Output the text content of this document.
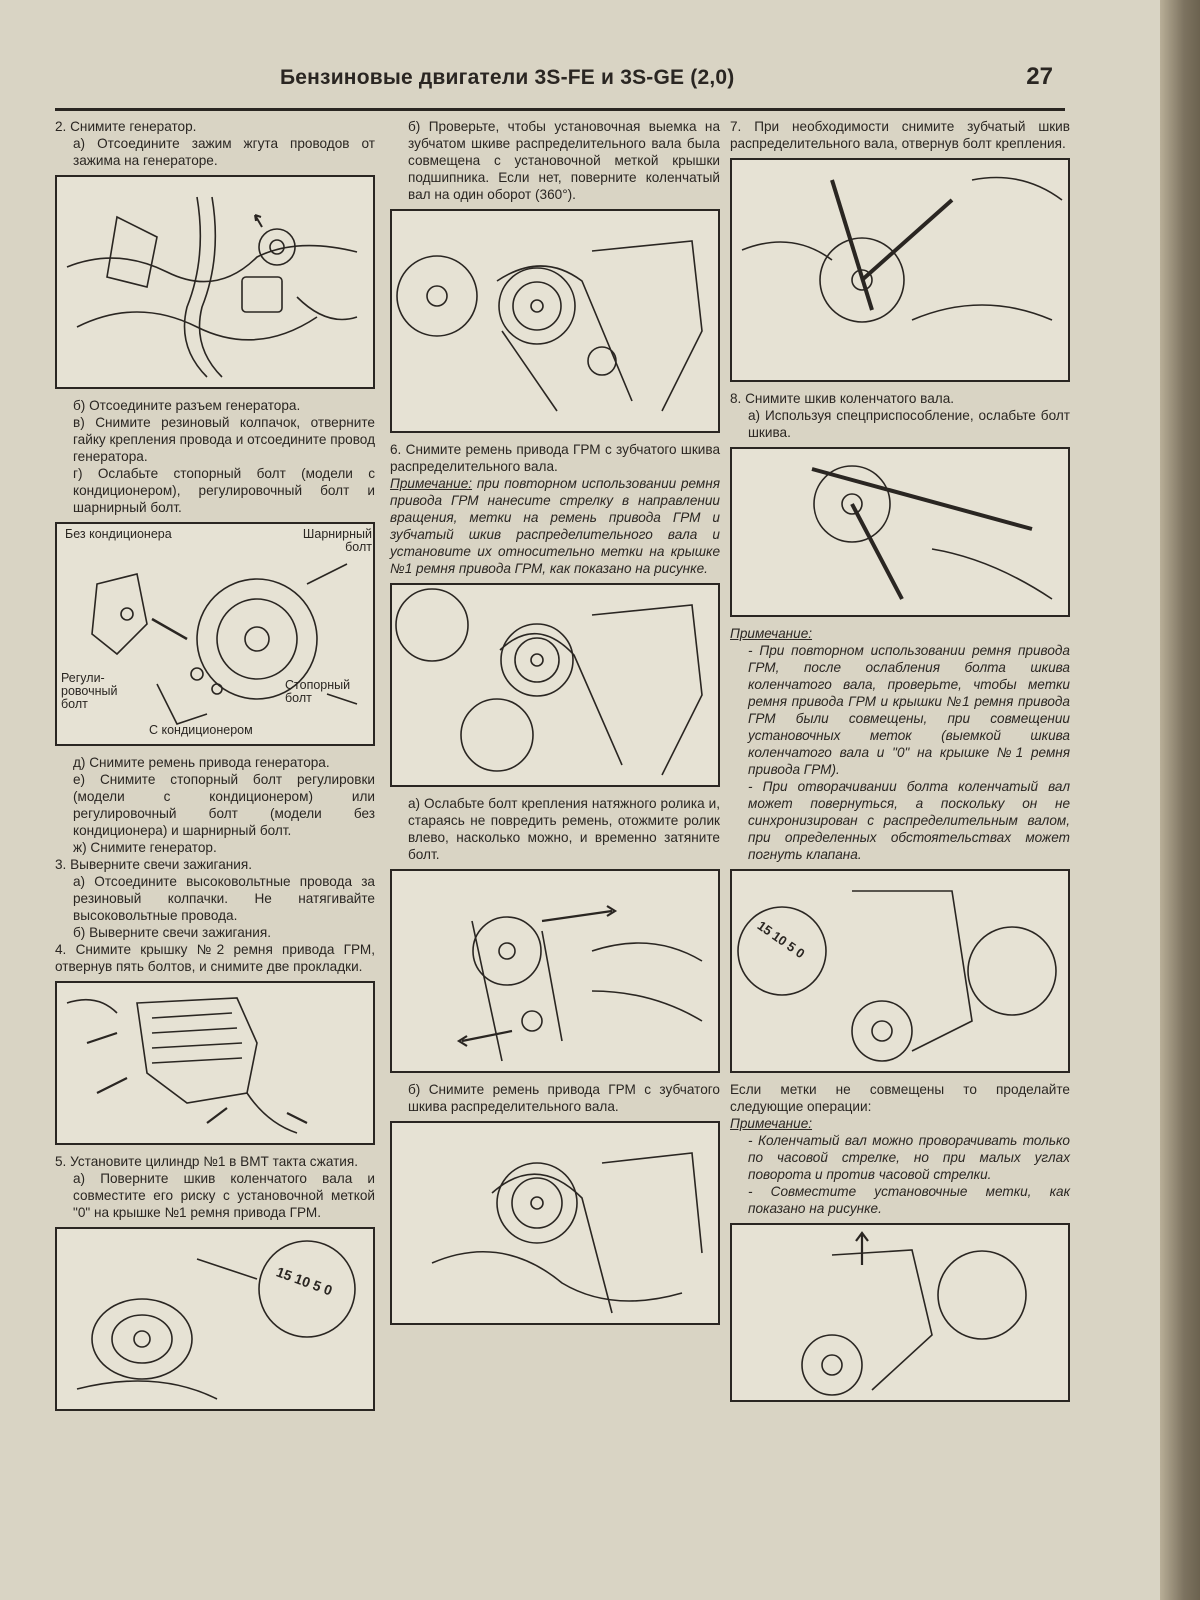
Бензиновые двигатели 3S-FE и 3S-GE (2,0)	27

2. Снимите генератор.

а) Отсоедините зажим жгута проводов от зажима на генераторе.

б) Отсоедините разъем генератора.

в) Снимите резиновый колпачок, отверните гайку крепления провода и отсоедините провод генератора.

г) Ослабьте стопорный болт (модели с кондиционером), регулировочный болт и шарнирный болт.

Без кондиционера	Шарнирный болт
Регули-ровочный болт
Стопорный болт
С кондиционером

д) Снимите ремень привода генератора.

е) Снимите стопорный болт регулировки (модели с кондиционером) или регулировочный болт (модели без кондиционера) и шарнирный болт.

ж) Снимите генератор.

3. Выверните свечи зажигания.

а) Отсоедините высоковольтные провода за резиновый колпачки. Не натягивайте высоковольтные провода.

б) Выверните свечи зажигания.

4. Снимите крышку №2 ремня привода ГРМ, отвернув пять болтов, и снимите две прокладки.

5. Установите цилиндр №1 в ВМТ такта сжатия.

а) Поверните шкив коленчатого вала и совместите его риску с установочной меткой "0" на крышке №1 ремня привода ГРМ.

15 10 5 0

б) Проверьте, чтобы установочная выемка на зубчатом шкиве распределительного вала была совмещена с установочной меткой крышки подшипника. Если нет, поверните коленчатый вал на один оборот (360°).

6. Снимите ремень привода ГРМ с зубчатого шкива распределительного вала.

Примечание: при повторном использовании ремня привода ГРМ нанесите стрелку в направлении вращения, метки на ремень привода ГРМ и зубчатый шкив распределительного вала и установите их относительно метки на крышке №1 ремня привода ГРМ, как показано на рисунке.

а) Ослабьте болт крепления натяжного ролика и, стараясь не повредить ремень, отожмите ролик влево, насколько можно, и временно затяните болт.

б) Снимите ремень привода ГРМ с зубчатого шкива распределительного вала.

7. При необходимости снимите зубчатый шкив распределительного вала, отвернув болт крепления.

8. Снимите шкив коленчатого вала.

а) Используя спецприспособление, ослабьте болт шкива.

Примечание:

- При повторном использовании ремня привода ГРМ, после ослабления болта шкива коленчатого вала, проверьте, чтобы метки ремня привода ГРМ и крышки №1 ремня привода ГРМ были совмещены, при совмещении установочных меток (выемкой шкива коленчатого вала и "0" на крышке №1 ремня привода ГРМ).

- При отворачивании болта коленчатый вал может повернуться, а поскольку он не синхронизирован с распределительным валом, при определенных обстоятельствах может погнуть клапана.

15 10 5 0

Если метки не совмещены то проделайте следующие операции:

Примечание:

- Коленчатый вал можно проворачивать только по часовой стрелке, но при малых углах поворота и против часовой стрелки.

- Совместите установочные метки, как показано на рисунке.
